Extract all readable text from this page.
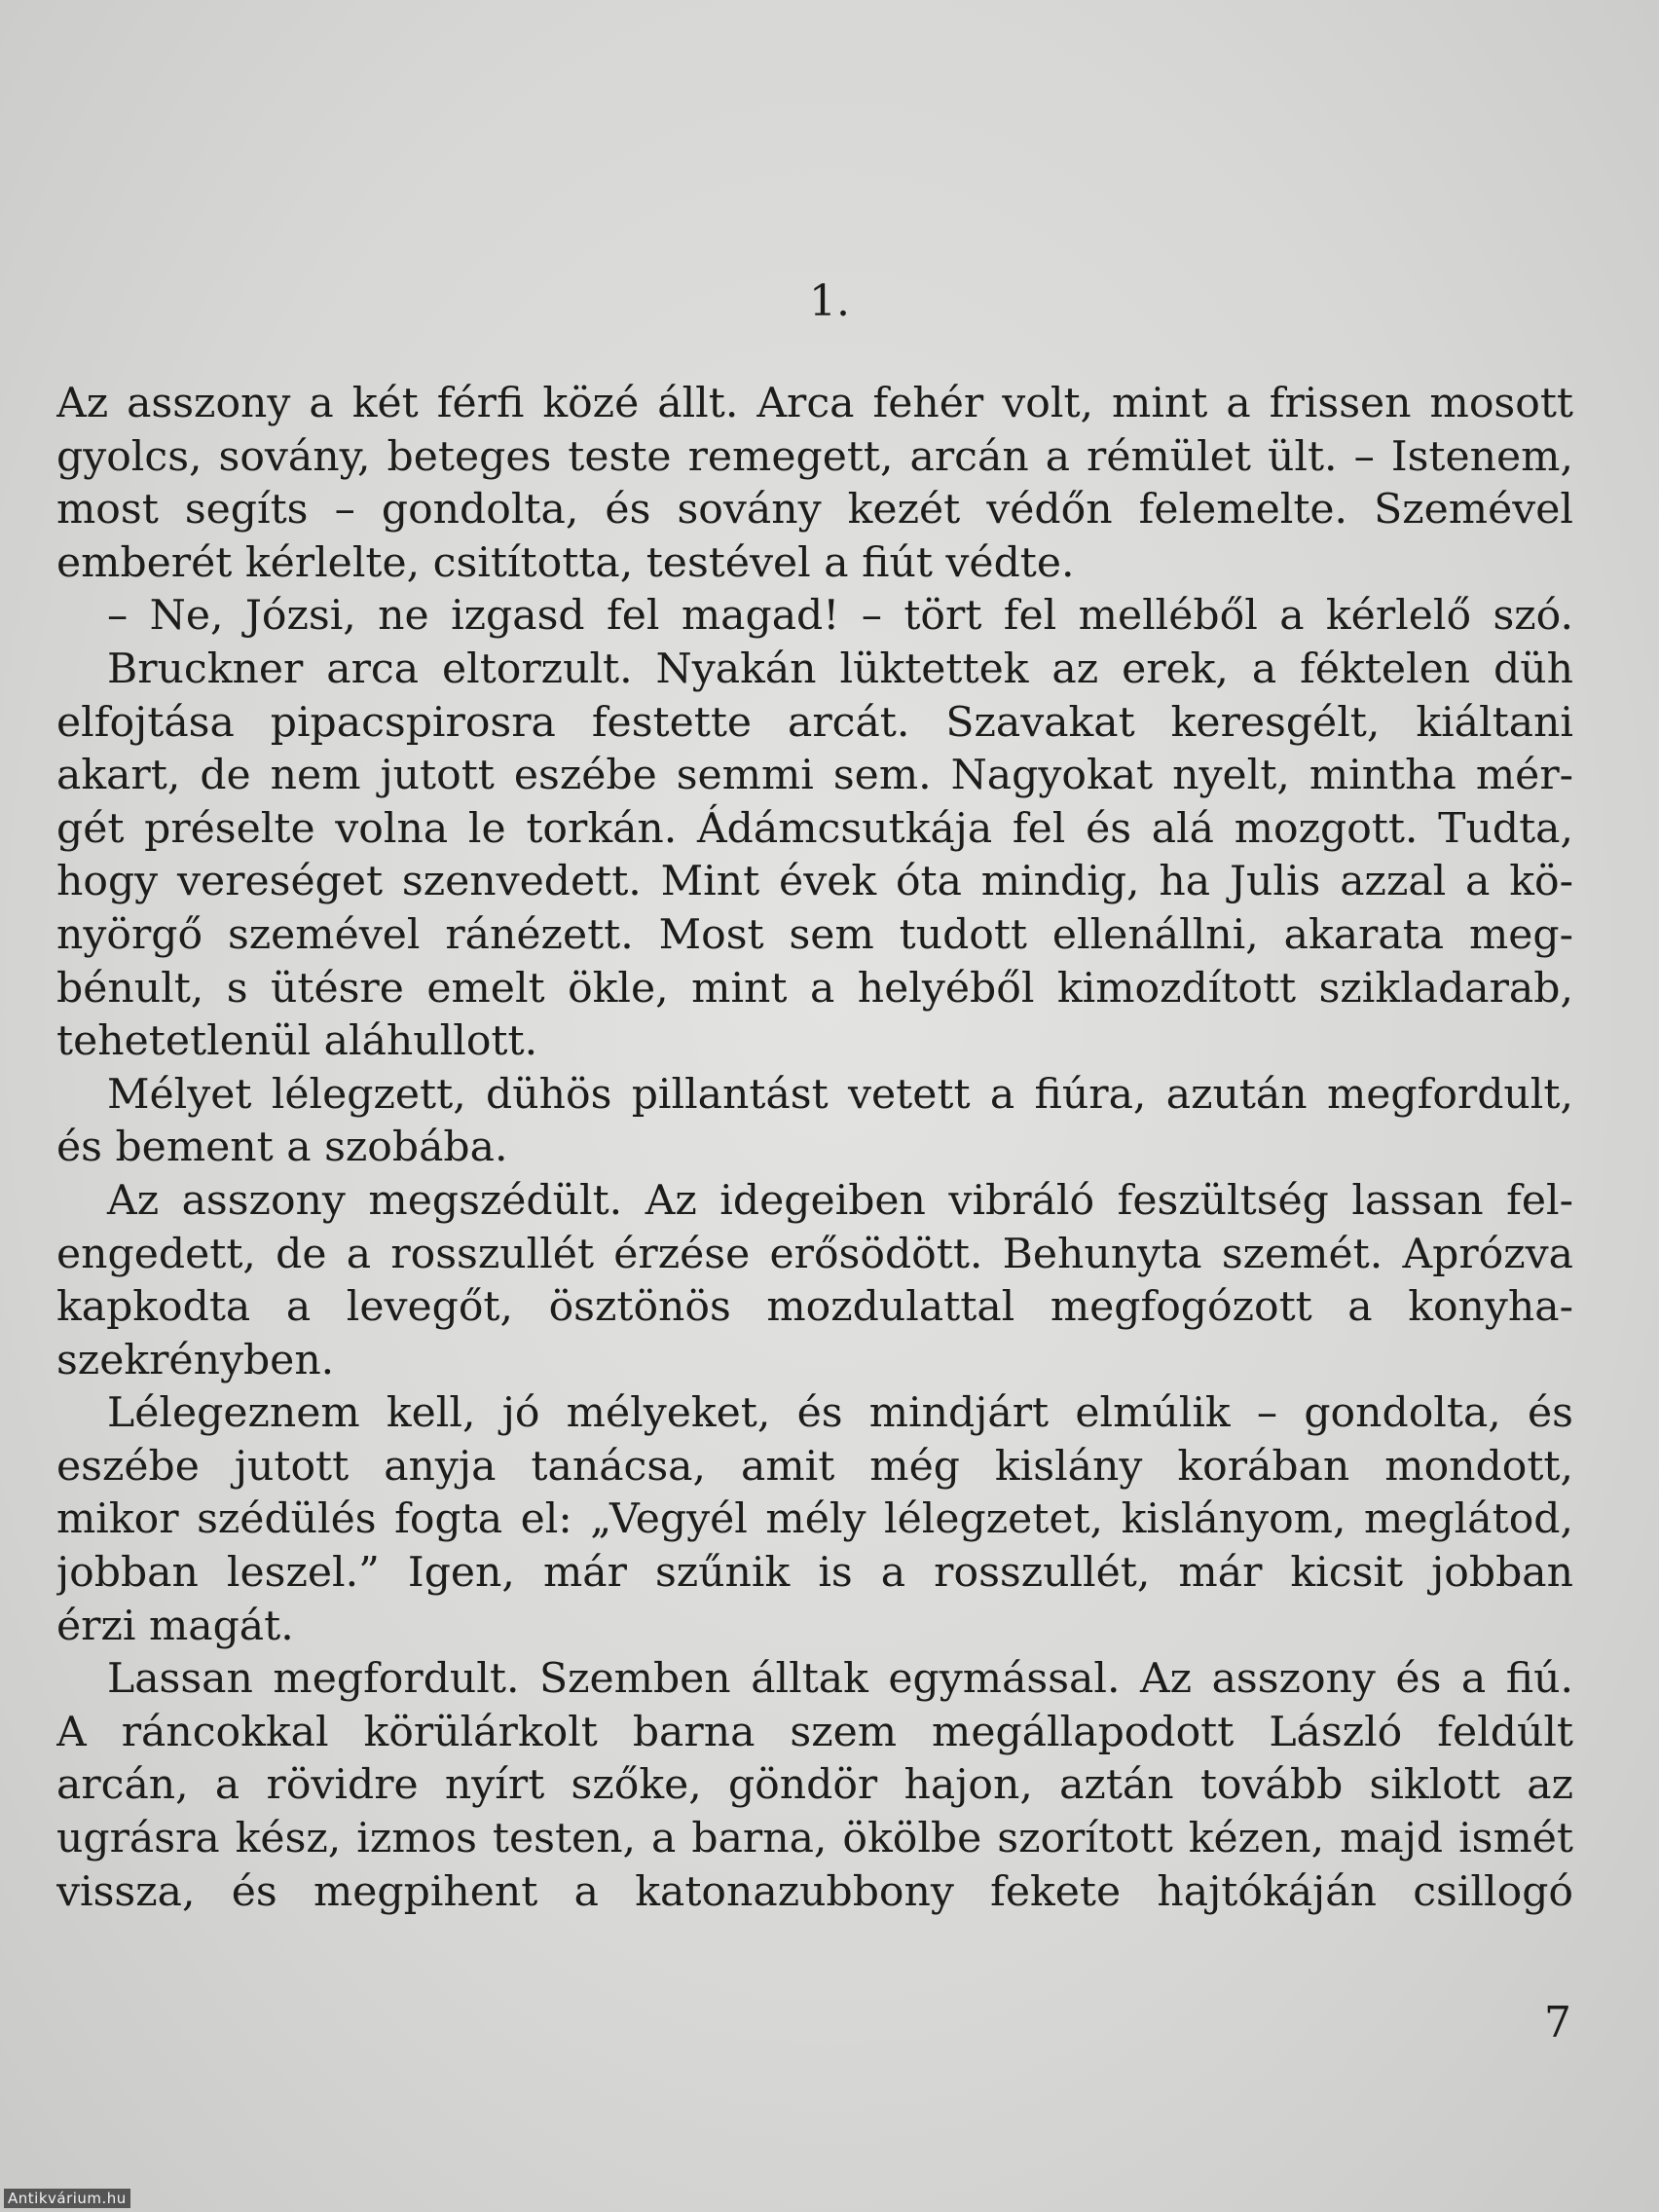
1.

Az asszony a két férfi közé állt. Arca fehér volt, mint a frissen mosott
gyolcs, sovány, beteges teste remegett, arcán a rémület ült. – Istenem,
most segíts – gondolta, és sovány kezét védőn felemelte. Szemével
emberét kérlelte, csitította, testével a fiút védte.

– Ne, Józsi, ne izgasd fel magad! – tört fel melléből a kérlelő szó.

Bruckner arca eltorzult. Nyakán lüktettek az erek, a féktelen düh
elfojtása pipacspirosra festette arcát. Szavakat keresgélt, kiáltani
akart, de nem jutott eszébe semmi sem. Nagyokat nyelt, mintha mér-
gét préselte volna le torkán. Ádámcsutkája fel és alá mozgott. Tudta,
hogy vereséget szenvedett. Mint évek óta mindig, ha Julis azzal a kö-
nyörgő szemével ránézett. Most sem tudott ellenállni, akarata meg-
bénult, s ütésre emelt ökle, mint a helyéből kimozdított szikladarab,
tehetetlenül aláhullott.

Mélyet lélegzett, dühös pillantást vetett a fiúra, azután megfordult,
és bement a szobába.

Az asszony megszédült. Az idegeiben vibráló feszültség lassan fel-
engedett, de a rosszullét érzése erősödött. Behunyta szemét. Aprózva
kapkodta a levegőt, ösztönös mozdulattal megfogózott a konyha-
szekrényben.

Lélegeznem kell, jó mélyeket, és mindjárt elmúlik – gondolta, és
eszébe jutott anyja tanácsa, amit még kislány korában mondott,
mikor szédülés fogta el: „Vegyél mély lélegzetet, kislányom, meglátod,
jobban leszel.” Igen, már szűnik is a rosszullét, már kicsit jobban
érzi magát.

Lassan megfordult. Szemben álltak egymással. Az asszony és a fiú.
A ráncokkal körülárkolt barna szem megállapodott László feldúlt
arcán, a rövidre nyírt szőke, göndör hajon, aztán tovább siklott az
ugrásra kész, izmos testen, a barna, ökölbe szorított kézen, majd ismét
vissza, és megpihent a katonazubbony fekete hajtókáján csillogó

7
Antikvárium.hu
